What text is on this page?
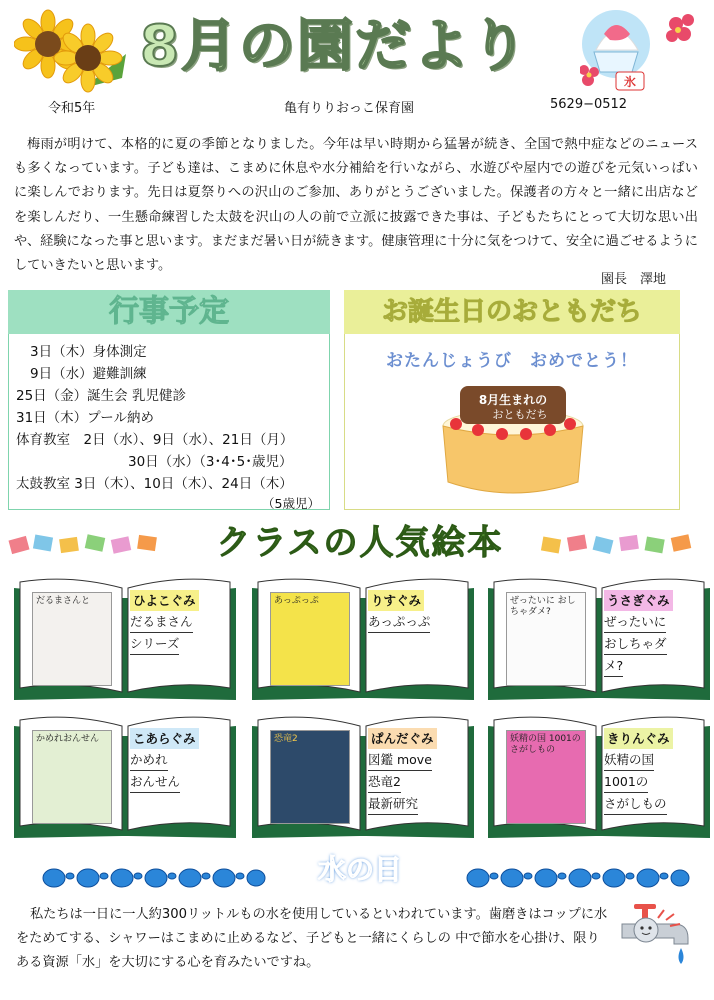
8月の園だより
氷
令和5年	亀有りりおっこ保育園	5629−0512
梅雨が明けて、本格的に夏の季節となりました。今年は早い時期から猛暑が続き、全国で熱中症などのニュースも多くなっています。子ども達は、こまめに休息や水分補給を行いながら、水遊びや屋内での遊びを元気いっぱいに楽しんでおります。先日は夏祭りへの沢山のご参加、ありがとうございました。保護者の方々と一緒に出店などを楽しんだり、一生懸命練習した太鼓を沢山の人の前で立派に披露できた事は、子どもたちにとって大切な思い出や、経験になった事と思います。まだまだ暑い日が続きます。健康管理に十分に気をつけて、安全に過ごせるようにしていきたいと思います。
園長　澤地
行事予定
3日（木）身体測定
9日（水）避難訓練
25日（金）誕生会 乳児健診
31日（木）プール納め
体育教室　2日（水）、9日（水）、21日（月）
30日（水）（3･4･5･歳児）
太鼓教室 3日（木）、10日（木）、24日（木）
（5歳児）
お誕生日のおともだち
おたんじょうび　おめでとう！
8月生まれの
おともだち
クラスの人気絵本
だるまさんと	ひよこぐみ
だるまさん
シリーズ
あっぷっぷ	りすぐみ
あっぷっぷ
ぜったいに おしちゃダメ?
うさぎぐみ
ぜったいに
おしちゃダ
メ?
かめれおんせん	こあらぐみ
かめれ
おんせん
恐竜2	ぱんだぐみ
図鑑 move
恐竜2
最新研究
妖精の国 1001の さがしもの
きりんぐみ
妖精の国
1001の
さがしもの
水の日
私たちは一日に一人約300リットルもの水を使用しているといわれています。歯磨きはコップに水をためてする、シャワーはこまめに止めるなど、子どもと一緒にくらしの 中で節水を心掛け、限りある資源「水」を大切にする心を育みたいですね。
